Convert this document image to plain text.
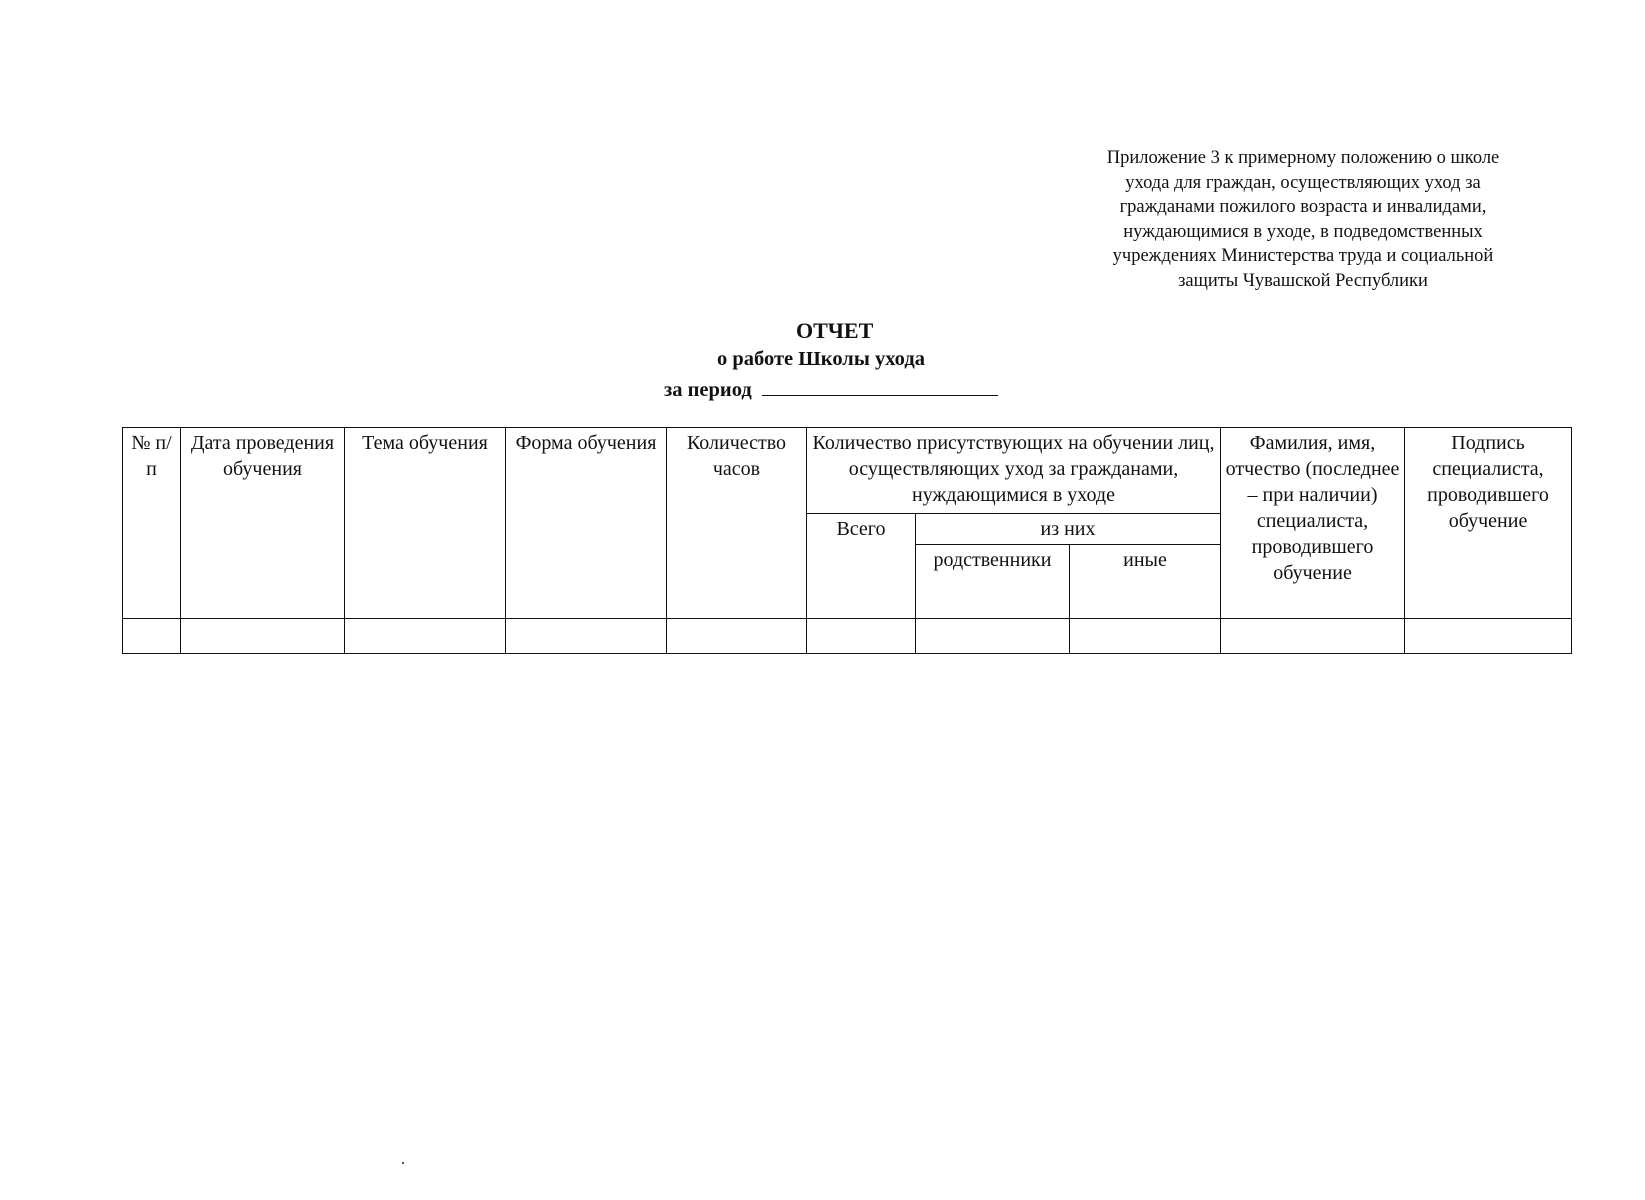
Приложение 3 к примерному положению о школе
ухода для граждан, осуществляющих уход за
гражданами пожилого возраста и инвалидами,
нуждающимися в уходе, в подведомственных
учреждениях Министерства труда и социальной
защиты Чувашской Республики
ОТЧЕТ
о работе Школы ухода
за период
№ п/п	Дата проведения обучения	Тема обучения	Форма обучения	Количество часов	Количество присутствующих на обучении лиц, осуществляющих уход за гражданами, нуждающимися в уходе			Фамилия, имя, отчество (последнее – при наличии) специалиста, проводившего обучение	Подпись специалиста, проводившего обучение
					Всего	из них			
						родственники	иные		
